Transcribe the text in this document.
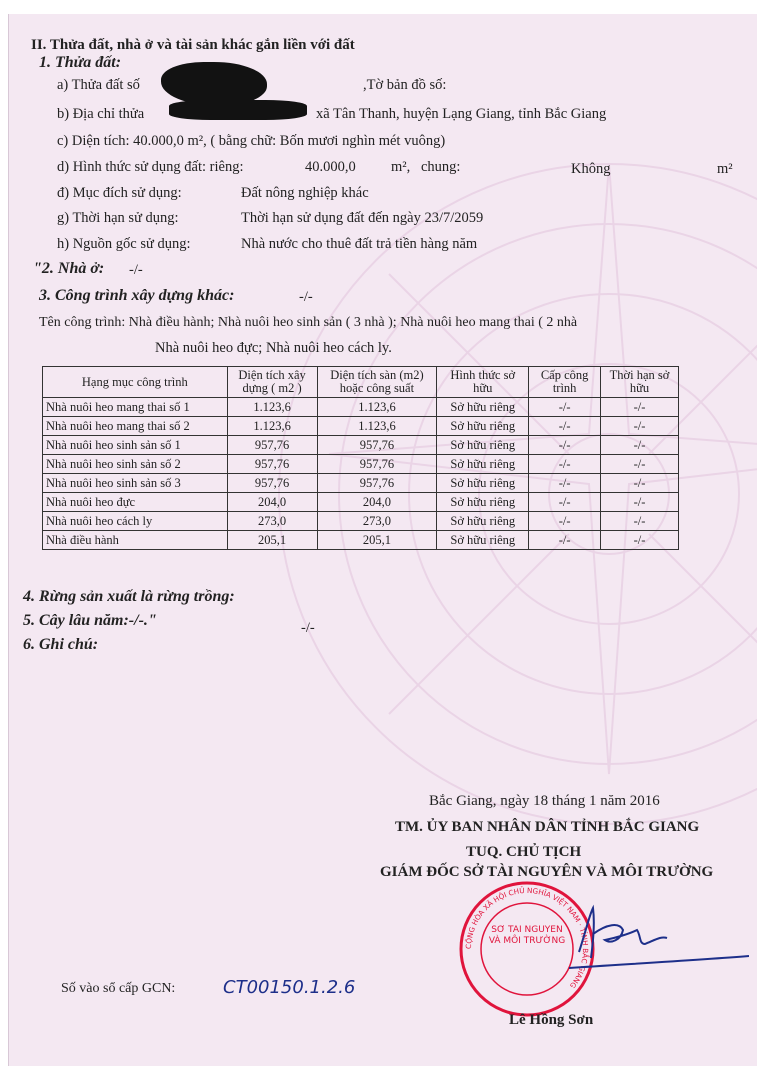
II. Thửa đất, nhà ở và tài sản khác gắn liền với đất
1. Thửa đất:
a) Thửa đất số	,Tờ bản đồ số:
b) Địa chỉ thửa	xã Tân Thanh, huyện Lạng Giang, tỉnh Bắc Giang
c) Diện tích: 40.000,0 m², ( bằng chữ: Bốn mươi nghìn mét vuông)
d) Hình thức sử dụng đất: riêng:	40.000,0 m², chung:	Không	m²
đ) Mục đích sử dụng:	Đất nông nghiệp khác
g) Thời hạn sử dụng:	Thời hạn sử dụng đất đến ngày 23/7/2059
h) Nguồn gốc sử dụng:	Nhà nước cho thuê đất trả tiền hàng năm
"2. Nhà ở: -/-
3. Công trình xây dựng khác:	-/-
Tên công trình: Nhà điều hành; Nhà nuôi heo sinh sản ( 3 nhà ); Nhà nuôi heo mang thai ( 2 nhà
Nhà nuôi heo đực; Nhà nuôi heo cách ly.
Hạng mục công trình	Diện tích xây dựng ( m2 )	Diện tích sàn (m2) hoặc công suất	Hình thức sở hữu	Cấp công trình	Thời hạn sở hữu
Nhà nuôi heo mang thai số 1	1.123,6	1.123,6	Sở hữu riêng	-/-	-/-
Nhà nuôi heo mang thai số 2	1.123,6	1.123,6	Sở hữu riêng	-/-	-/-
Nhà nuôi heo sinh sản số 1	957,76	957,76	Sở hữu riêng	-/-	-/-
Nhà nuôi heo sinh sản số 2	957,76	957,76	Sở hữu riêng	-/-	-/-
Nhà nuôi heo sinh sản số 3	957,76	957,76	Sở hữu riêng	-/-	-/-
Nhà nuôi heo đực	204,0	204,0	Sở hữu riêng	-/-	-/-
Nhà nuôi heo cách ly	273,0	273,0	Sở hữu riêng	-/-	-/-
Nhà điều hành	205,1	205,1	Sở hữu riêng	-/-	-/-
4. Rừng sản xuất là rừng trồng:
5. Cây lâu năm:-/-."	-/-
6. Ghi chú:
Bắc Giang, ngày 18 tháng 1 năm 2016
TM. ỦY BAN NHÂN DÂN TỈNH BẮC GIANG
TUQ. CHỦ TỊCH
GIÁM ĐỐC SỞ TÀI NGUYÊN VÀ MÔI TRƯỜNG
CỘNG HÒA XÃ HỘI CHỦ NGHĨA VIỆT NAM · TỈNH BẮC GIANG
SỞ TÀI NGUYÊN VÀ MÔI TRƯỜNG
Số vào sổ cấp GCN:	CT00150.1.2.6
Lê Hồng Sơn
